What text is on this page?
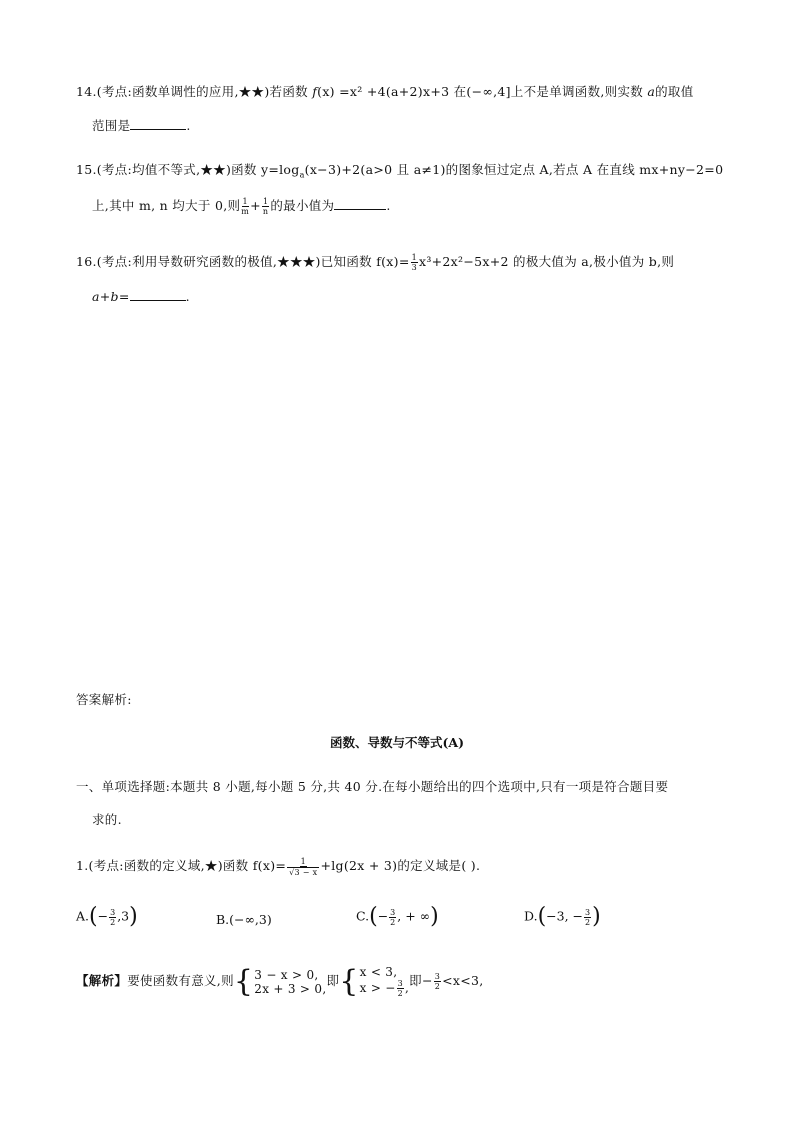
14.(考点:函数单调性的应用,★★)若函数 f(x) =x² +4(a+2)x+3 在(−∞,4]上不是单调函数,则实数 a的取值
范围是	.
15.(考点:均值不等式,★★)函数 $y=\log_a(x-3)+2(a>0$ 且 a≠1)的图象恒过定点 A,若点 A 在直线 mx+ny−2=0
上,其中 m, n 均大于 0,则 $\frac{1}{m} + \frac{1}{n}$ 的最小值为	.
16.(考点:利用导数研究函数的极值,★★★)已知函数 $f(x)= \frac{1}{3} x^3+2x^2-5x+2$ 的极大值为 a,极小值为 b,则
a+b=	.
答案解析:
函数、导数与不等式(A)
一、单项选择题:本题共 8 小题,每小题 5 分,共 40 分.在每小题给出的四个选项中,只有一项是符合题目要
求的.
1.(考点:函数的定义域,★)函数 $f(x)= \frac{1}{√3 - x} +\lg(2x + 3)$的定义域是( ).
$A.(- \frac{3}{2} ,3)$	B.(−∞,3)	$C.(- \frac{3}{2}$ , + ∞)	D.(−3, − $\frac{3}{2}$ )
【解析】要使函数有意义,则 { 3 − x > 0,
2x + 3 > 0,
即 { x < 3,
x > − $\frac{3}{2}$ , 即− $\frac{3}{2} <x<3$,
